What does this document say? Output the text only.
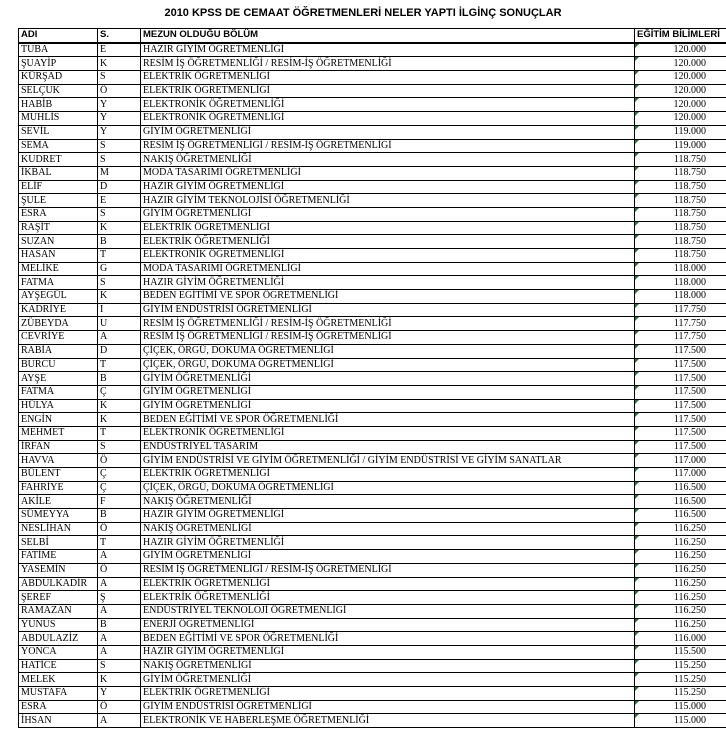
2010 KPSS DE CEMAAT ÖĞRETMENLERİ NELER YAPTI İLGİNÇ SONUÇLAR
ADI	S.	MEZUN OLDUĞU BÖLÜM	EĞİTİM BİLİMLERİ
TUBA	E	HAZIR GİYİM ÖĞRETMENLİĞİ	120.000
ŞUAYİP	K	RESİM İŞ ÖĞRETMENLİĞİ / RESİM-İŞ ÖĞRETMENLİĞİ	120.000
KÜRŞAD	S	ELEKTRİK ÖĞRETMENLİĞİ	120.000
SELÇUK	Ö	ELEKTRİK ÖĞRETMENLİĞİ	120.000
HABİB	Y	ELEKTRONİK ÖĞRETMENLİĞİ	120.000
MUHLİS	Y	ELEKTRONİK ÖĞRETMENLİĞİ	120.000
SEVİL	Y	GİYİM ÖĞRETMENLİĞİ	119.000
SEMA	S	RESİM İŞ ÖĞRETMENLİĞİ / RESİM-İŞ ÖĞRETMENLİĞİ	119.000
KUDRET	S	NAKIŞ ÖĞRETMENLİĞİ	118.750
İKBAL	M	MODA TASARIMI ÖĞRETMENLİĞİ	118.750
ELİF	D	HAZIR GİYİM ÖĞRETMENLİĞİ	118.750
ŞULE	E	HAZIR GİYİM TEKNOLOJİSİ ÖĞRETMENLİĞİ	118.750
ESRA	S	GİYİM ÖĞRETMENLİĞİ	118.750
RAŞİT	K	ELEKTRİK ÖĞRETMENLİĞİ	118.750
SUZAN	B	ELEKTRİK ÖĞRETMENLİĞİ	118.750
HASAN	T	ELEKTRONİK ÖĞRETMENLİĞİ	118.750
MELİKE	G	MODA TASARIMI ÖĞRETMENLİĞİ	118.000
FATMA	S	HAZIR GİYİM ÖĞRETMENLİĞİ	118.000
AYŞEGÜL	K	BEDEN EĞİTİMİ VE SPOR ÖĞRETMENLİĞİ	118.000
KADRİYE	I	GİYİM ENDÜSTRİSİ ÖĞRETMENLİĞİ	117.750
ZÜBEYDA	U	RESİM İŞ ÖĞRETMENLİĞİ / RESİM-İŞ ÖĞRETMENLİĞİ	117.750
CEVRİYE	A	RESİM İŞ ÖĞRETMENLİĞİ / RESİM-İŞ ÖĞRETMENLİĞİ	117.750
RABİA	D	ÇİÇEK, ÖRGÜ, DOKUMA ÖĞRETMENLİĞİ	117.500
BURCU	T	ÇİÇEK, ÖRGÜ, DOKUMA ÖĞRETMENLİĞİ	117.500
AYŞE	B	GİYİM ÖĞRETMENLİĞİ	117.500
FATMA	Ç	GİYİM ÖĞRETMENLİĞİ	117.500
HÜLYA	K	GİYİM ÖĞRETMENLİĞİ	117.500
ENGİN	K	BEDEN EĞİTİMİ VE SPOR ÖĞRETMENLİĞİ	117.500
MEHMET	T	ELEKTRONİK ÖĞRETMENLİĞİ	117.500
İRFAN	S	ENDÜSTRİYEL TASARIM	117.500
HAVVA	Ö	GİYİM ENDÜSTRİSİ VE GİYİM ÖĞRETMENLİĞİ / GİYİM ENDÜSTRİSİ VE GİYİM SANATLAR	117.000
BÜLENT	Ç	ELEKTRİK ÖĞRETMENLİĞİ	117.000
FAHRİYE	Ç	ÇİÇEK, ÖRGÜ, DOKUMA ÖĞRETMENLİĞİ	116.500
AKİLE	F	NAKIŞ ÖĞRETMENLİĞİ	116.500
SÜMEYYA	B	HAZIR GİYİM ÖĞRETMENLİĞİ	116.500
NESLİHAN	Ö	NAKIŞ ÖĞRETMENLİĞİ	116.250
SELBİ	T	HAZIR GİYİM ÖĞRETMENLİĞİ	116.250
FATİME	A	GİYİM ÖĞRETMENLİĞİ	116.250
YASEMİN	Ö	RESİM İŞ ÖĞRETMENLİĞİ / RESİM-İŞ ÖĞRETMENLİĞİ	116.250
ABDULKADİR	A	ELEKTRİK ÖĞRETMENLİĞİ	116.250
ŞEREF	Ş	ELEKTRİK ÖĞRETMENLİĞİ	116.250
RAMAZAN	A	ENDÜSTRİYEL TEKNOLOJİ ÖĞRETMENLİĞİ	116.250
YUNUS	B	ENERJİ ÖĞRETMENLİĞİ	116.250
ABDULAZİZ	A	BEDEN EĞİTİMİ VE SPOR ÖĞRETMENLİĞİ	116.000
YONCA	A	HAZIR GİYİM ÖĞRETMENLİĞİ	115.500
HATİCE	S	NAKIŞ ÖĞRETMENLİĞİ	115.250
MELEK	K	GİYİM ÖĞRETMENLİĞİ	115.250
MUSTAFA	Y	ELEKTRİK ÖĞRETMENLİĞİ	115.250
ESRA	Ö	GİYİM ENDÜSTRİSİ ÖĞRETMENLİĞİ	115.000
İHSAN	A	ELEKTRONİK VE HABERLEŞME ÖĞRETMENLİĞİ	115.000
